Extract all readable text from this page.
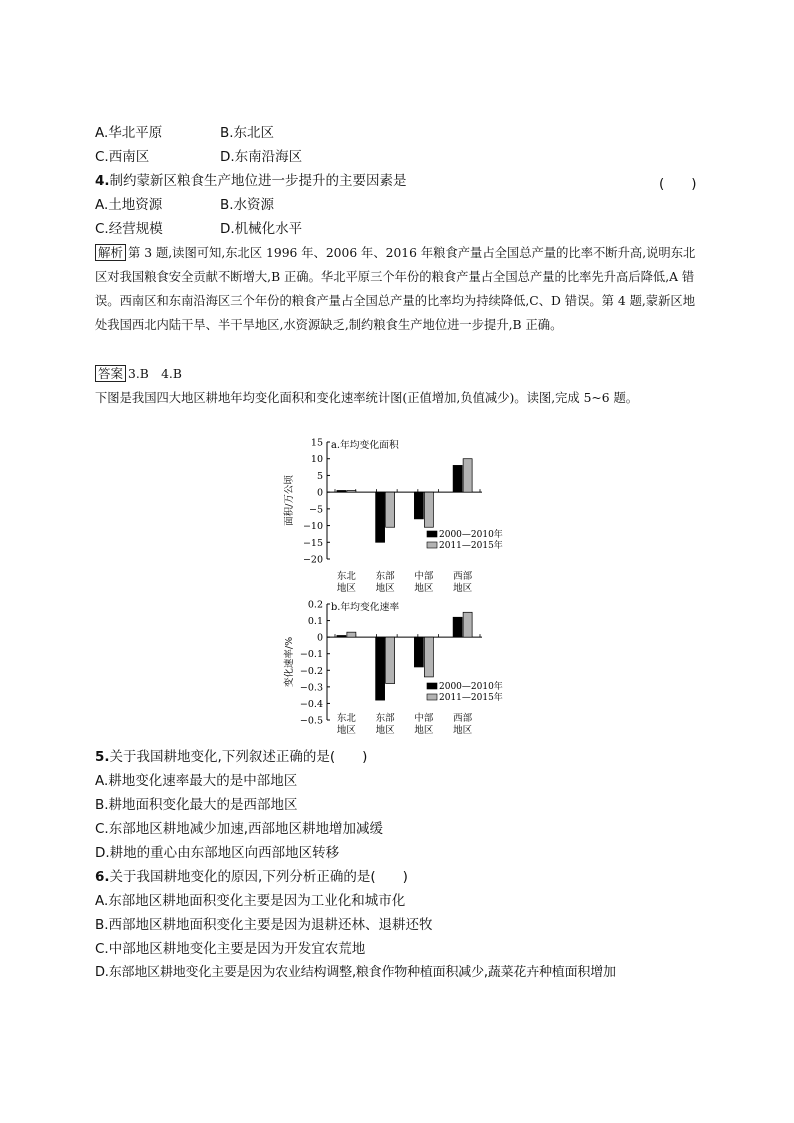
A.华北平原	B.东北区
C.西南区	D.东南沿海区
4.制约蒙新区粮食生产地位进一步提升的主要因素是	(　　)
A.土地资源	B.水资源
C.经营规模	D.机械化水平
解析 第 3 题,读图可知,东北区 1996 年、2006 年、2016 年粮食产量占全国总产量的比率不断升高,说明东北区对我国粮食安全贡献不断增大,B 正确。华北平原三个年份的粮食产量占全国总产量的比率先升高后降低,A 错误。西南区和东南沿海区三个年份的粮食产量占全国总产量的比率均为持续降低,C、D 错误。第 4 题,蒙新区地处我国西北内陆干旱、半干旱地区,水资源缺乏,制约粮食生产地位进一步提升,B 正确。
答案 3.B　4.B
下图是我国四大地区耕地年均变化面积和变化速率统计图(正值增加,负值减少)。读图,完成 5~6 题。
15
10
5
0
−5
−10
−15
−20
面积/万公顷
a.年均变化面积
东北
地区
东部
地区
中部
地区
西部
地区
2000—2010年
2011—2015年
0.2
0.1
0
−0.1
−0.2
−0.3
−0.4
−0.5
变化速率/%
b.年均变化速率
东北
地区
东部
地区
中部
地区
西部
地区
2000—2010年
2011—2015年
5.关于我国耕地变化,下列叙述正确的是(　　)
A.耕地变化速率最大的是中部地区
B.耕地面积变化最大的是西部地区
C.东部地区耕地减少加速,西部地区耕地增加减缓
D.耕地的重心由东部地区向西部地区转移
6.关于我国耕地变化的原因,下列分析正确的是(　　)
A.东部地区耕地面积变化主要是因为工业化和城市化
B.西部地区耕地面积变化主要是因为退耕还林、退耕还牧
C.中部地区耕地变化主要是因为开发宜农荒地
D.东部地区耕地变化主要是因为农业结构调整,粮食作物种植面积减少,蔬菜花卉种植面积增加
